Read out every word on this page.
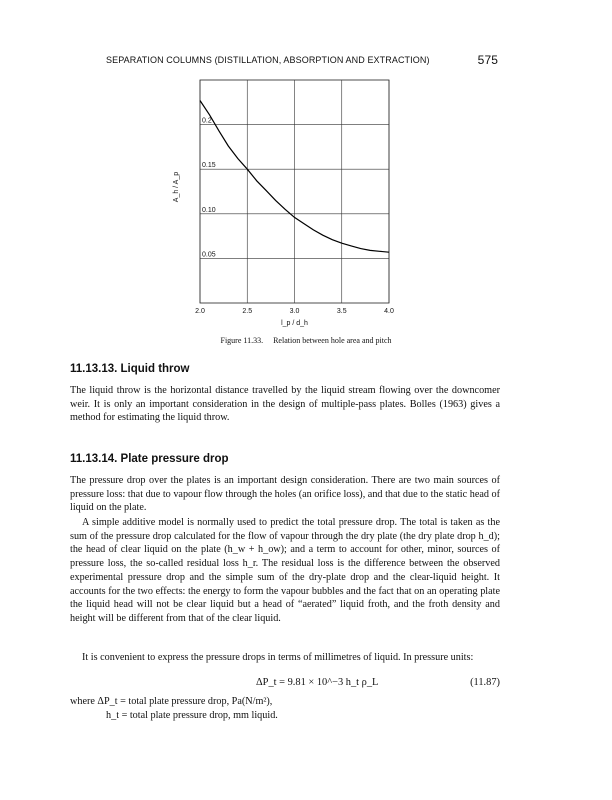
SEPARATION COLUMNS (DISTILLATION, ABSORPTION AND EXTRACTION)	575
2.0	2.5	3.0	3.5	4.0
0.05
0.10
0.15
0.2
l_p / d_h
A_h / A_p
Figure 11.33. Relation between hole area and pitch
11.13.13. Liquid throw

The liquid throw is the horizontal distance travelled by the liquid stream flowing over the downcomer weir. It is only an important consideration in the design of multiple-pass plates. Bolles (1963) gives a method for estimating the liquid throw.

11.13.14. Plate pressure drop

The pressure drop over the plates is an important design consideration. There are two main sources of pressure loss: that due to vapour flow through the holes (an orifice loss), and that due to the static head of liquid on the plate.

A simple additive model is normally used to predict the total pressure drop. The total is taken as the sum of the pressure drop calculated for the flow of vapour through the dry plate (the dry plate drop h_d); the head of clear liquid on the plate (h_w + h_ow); and a term to account for other, minor, sources of pressure loss, the so-called residual loss h_r. The residual loss is the difference between the observed experimental pressure drop and the simple sum of the dry-plate drop and the clear-liquid height. It accounts for the two effects: the energy to form the vapour bubbles and the fact that on an operating plate the liquid head will not be clear liquid but a head of “aerated” liquid froth, and the froth density and height will be different from that of the clear liquid.

It is convenient to express the pressure drops in terms of millimetres of liquid. In pressure units:

ΔP_t = 9.81 × 10^−3 h_t ρ_L	(11.87)
where ΔP_t = total plate pressure drop, Pa(N/m²),
h_t = total plate pressure drop, mm liquid.
